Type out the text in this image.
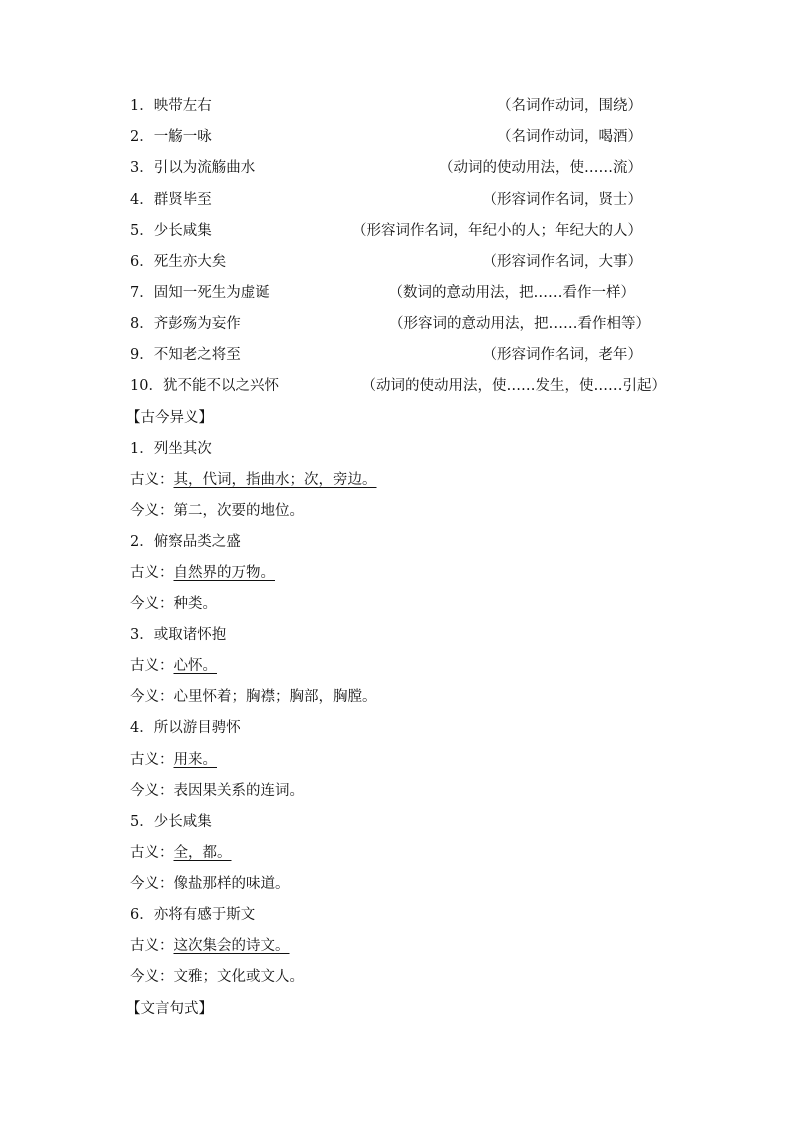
1．映带左右	（名词作动词，围绕）
2．一觞一咏	（名词作动词，喝酒）
3．引以为流觞曲水	（动词的使动用法，使……流）
4．群贤毕至	（形容词作名词，贤士）
5．少长咸集	（形容词作名词，年纪小的人；年纪大的人）
6．死生亦大矣	（形容词作名词，大事）
7．固知一死生为虚诞	（数词的意动用法，把……看作一样）
8．齐彭殇为妄作	（形容词的意动用法，把……看作相等）
9．不知老之将至	（形容词作名词，老年）
10．犹不能不以之兴怀	（动词的使动用法，使……发生，使……引起）
【古今异义】
1．列坐其次
古义：其，代词，指曲水；次，旁边。
今义：第二，次要的地位。
2．俯察品类之盛
古义：自然界的万物。
今义：种类。
3．或取诸怀抱
古义：心怀。
今义：心里怀着；胸襟；胸部，胸膛。
4．所以游目骋怀
古义：用来。
今义：表因果关系的连词。
5．少长咸集
古义：全，都。
今义：像盐那样的味道。
6．亦将有感于斯文
古义：这次集会的诗文。
今义：文雅；文化或文人。
【文言句式】
